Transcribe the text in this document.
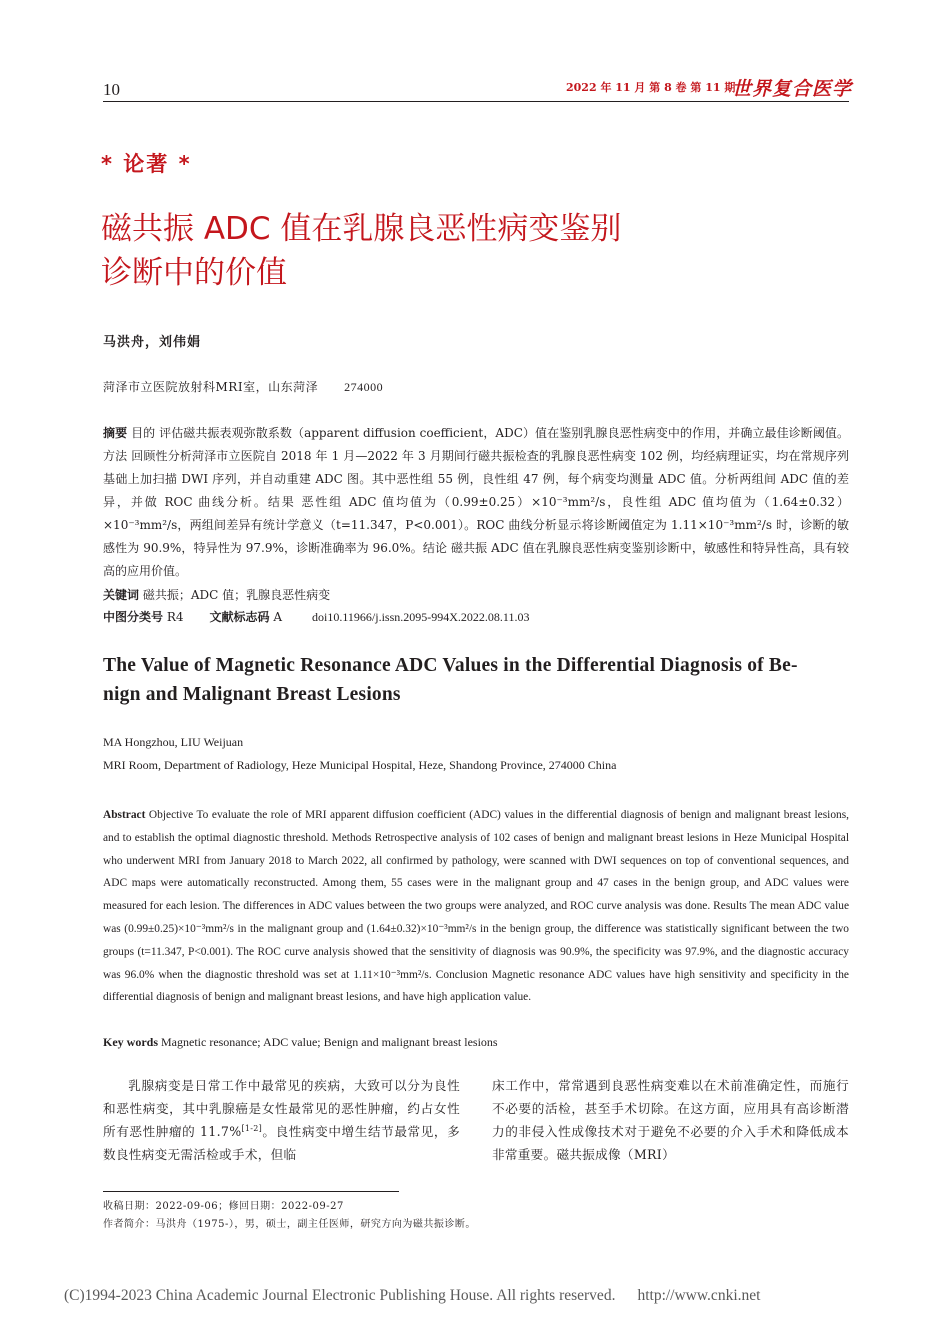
10	2022 年 11 月 第 8 卷 第 11 期
世界复合医学
* 论著 *
磁共振 ADC 值在乳腺良恶性病变鉴别
诊断中的价值
马洪舟，刘伟娟
菏泽市立医院放射科MRI室，山东菏泽 274000
摘要 目的 评估磁共振表观弥散系数（apparent diffusion coefficient，ADC）值在鉴别乳腺良恶性病变中的作用，并确立最佳诊断阈值。方法 回顾性分析菏泽市立医院自 2018 年 1 月—2022 年 3 月期间行磁共振检查的乳腺良恶性病变 102 例，均经病理证实，均在常规序列基础上加扫描 DWI 序列，并自动重建 ADC 图。其中恶性组 55 例，良性组 47 例，每个病变均测量 ADC 值。分析两组间 ADC 值的差异，并做 ROC 曲线分析。结果 恶性组 ADC 值均值为（0.99±0.25）×10⁻³mm²/s，良性组 ADC 值均值为（1.64±0.32）×10⁻³mm²/s，两组间差异有统计学意义（t=11.347，P<0.001）。ROC 曲线分析显示将诊断阈值定为 1.11×10⁻³mm²/s 时，诊断的敏感性为 90.9%，特异性为 97.9%，诊断准确率为 96.0%。结论 磁共振 ADC 值在乳腺良恶性病变鉴别诊断中，敏感性和特异性高，具有较高的应用价值。
关键词 磁共振；ADC 值；乳腺良恶性病变
中图分类号 R4 文献标志码 A	doi10.11966/j.issn.2095-994X.2022.08.11.03
The Value of Magnetic Resonance ADC Values in the Differential Diagnosis of Be-
nign and Malignant Breast Lesions
MA Hongzhou, LIU Weijuan
MRI Room, Department of Radiology, Heze Municipal Hospital, Heze, Shandong Province, 274000 China
Abstract Objective To evaluate the role of MRI apparent diffusion coefficient (ADC) values in the differential diagnosis of benign and malignant breast lesions, and to establish the optimal diagnostic threshold. Methods Retrospective analysis of 102 cases of benign and malignant breast lesions in Heze Municipal Hospital who underwent MRI from January 2018 to March 2022, all confirmed by pathology, were scanned with DWI sequences on top of conventional sequences, and ADC maps were automatically reconstructed. Among them, 55 cases were in the malignant group and 47 cases in the benign group, and ADC values were measured for each lesion. The differences in ADC values between the two groups were analyzed, and ROC curve analysis was done. Results The mean ADC value was (0.99±0.25)×10⁻³mm²/s in the malignant group and (1.64±0.32)×10⁻³mm²/s in the benign group, the difference was statistically significant between the two groups (t=11.347, P<0.001). The ROC curve analysis showed that the sensitivity of diagnosis was 90.9%, the specificity was 97.9%, and the diagnostic accuracy was 96.0% when the diagnostic threshold was set at 1.11×10⁻³mm²/s. Conclusion Magnetic resonance ADC values have high sensitivity and specificity in the differential diagnosis of benign and malignant breast lesions, and have high application value.
Key words Magnetic resonance; ADC value; Benign and malignant breast lesions
乳腺病变是日常工作中最常见的疾病，大致可以分为良性和恶性病变，其中乳腺癌是女性最常见的恶性肿瘤，约占女性所有恶性肿瘤的 11.7%[1-2]。良性病变中增生结节最常见，多数良性病变无需活检或手术，但临
床工作中，常常遇到良恶性病变难以在术前准确定性，而施行不必要的活检，甚至手术切除。在这方面，应用具有高诊断潜力的非侵入性成像技术对于避免不必要的介入手术和降低成本非常重要。磁共振成像（MRI）
收稿日期：2022-09-06；修回日期：2022-09-27
作者简介：马洪舟（1975-），男，硕士，副主任医师，研究方向为磁共振诊断。
(C)1994-2023 China Academic Journal Electronic Publishing House. All rights reserved. http://www.cnki.net
